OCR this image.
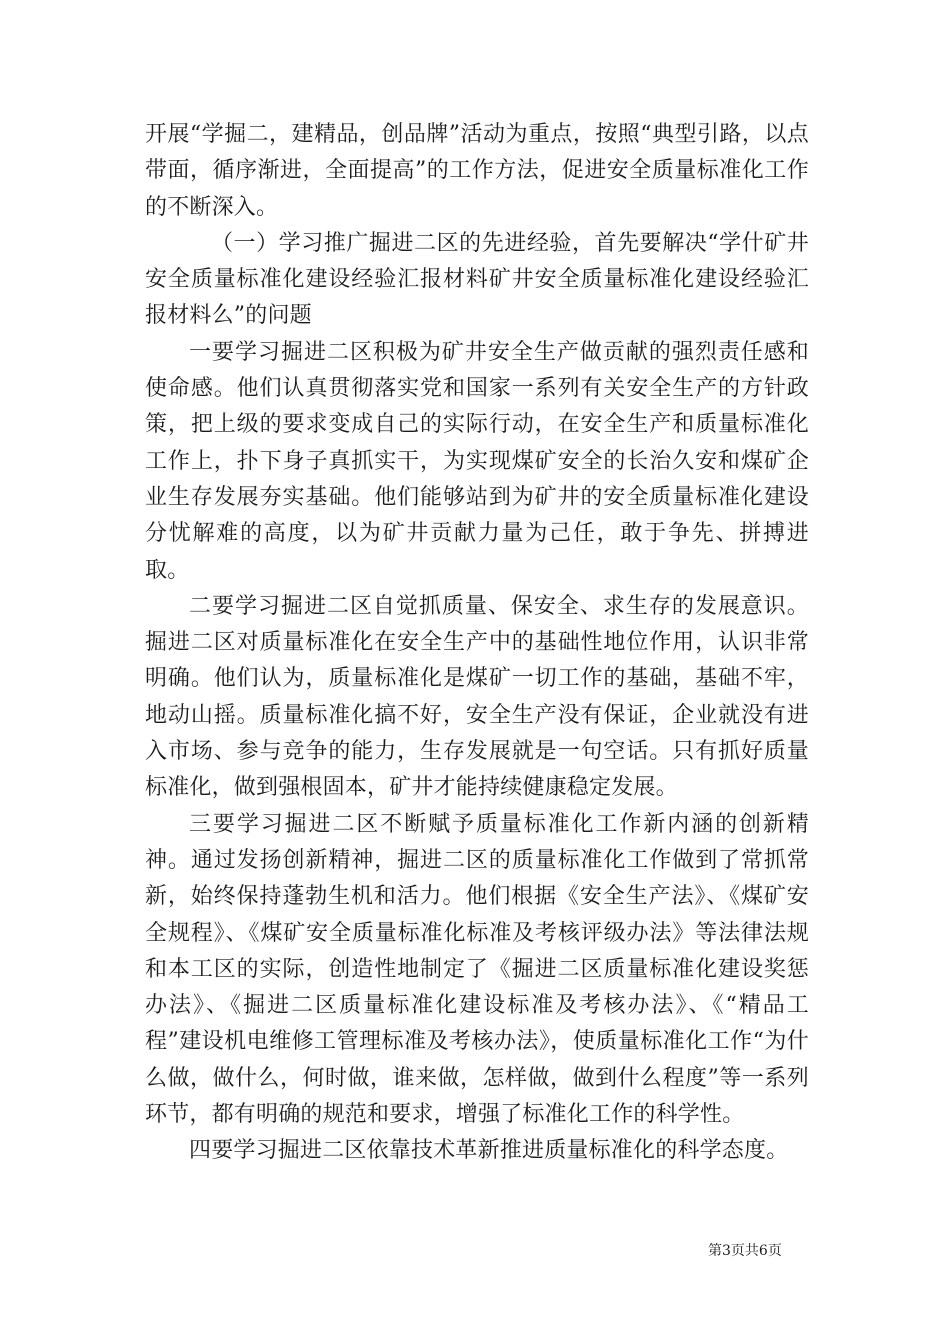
开展“学掘二，建精品，创品牌”活动为重点，按照“典型引路，以点带面，循序渐进，全面提高”的工作方法，促进安全质量标准化工作的不断深入。

（一）学习推广掘进二区的先进经验，首先要解决“学什矿井安全质量标准化建设经验汇报材料矿井安全质量标准化建设经验汇报材料么”的问题

一要学习掘进二区积极为矿井安全生产做贡献的强烈责任感和使命感。他们认真贯彻落实党和国家一系列有关安全生产的方针政策，把上级的要求变成自己的实际行动，在安全生产和质量标准化工作上，扑下身子真抓实干，为实现煤矿安全的长治久安和煤矿企业生存发展夯实基础。他们能够站到为矿井的安全质量标准化建设分忧解难的高度，以为矿井贡献力量为己任，敢于争先、拼搏进取。

二要学习掘进二区自觉抓质量、保安全、求生存的发展意识。掘进二区对质量标准化在安全生产中的基础性地位作用，认识非常明确。他们认为，质量标准化是煤矿一切工作的基础，基础不牢，地动山摇。质量标准化搞不好，安全生产没有保证，企业就没有进入市场、参与竞争的能力，生存发展就是一句空话。只有抓好质量标准化，做到强根固本，矿井才能持续健康稳定发展。

三要学习掘进二区不断赋予质量标准化工作新内涵的创新精神。通过发扬创新精神，掘进二区的质量标准化工作做到了常抓常新，始终保持蓬勃生机和活力。他们根据《安全生产法》、《煤矿安全规程》、《煤矿安全质量标准化标准及考核评级办法》等法律法规和本工区的实际，创造性地制定了《掘进二区质量标准化建设奖惩办法》、《掘进二区质量标准化建设标准及考核办法》、《“精品工程”建设机电维修工管理标准及考核办法》，使质量标准化工作“为什么做，做什么，何时做，谁来做，怎样做，做到什么程度”等一系列环节，都有明确的规范和要求，增强了标准化工作的科学性。

四要学习掘进二区依靠技术革新推进质量标准化的科学态度。

第3页共6页
